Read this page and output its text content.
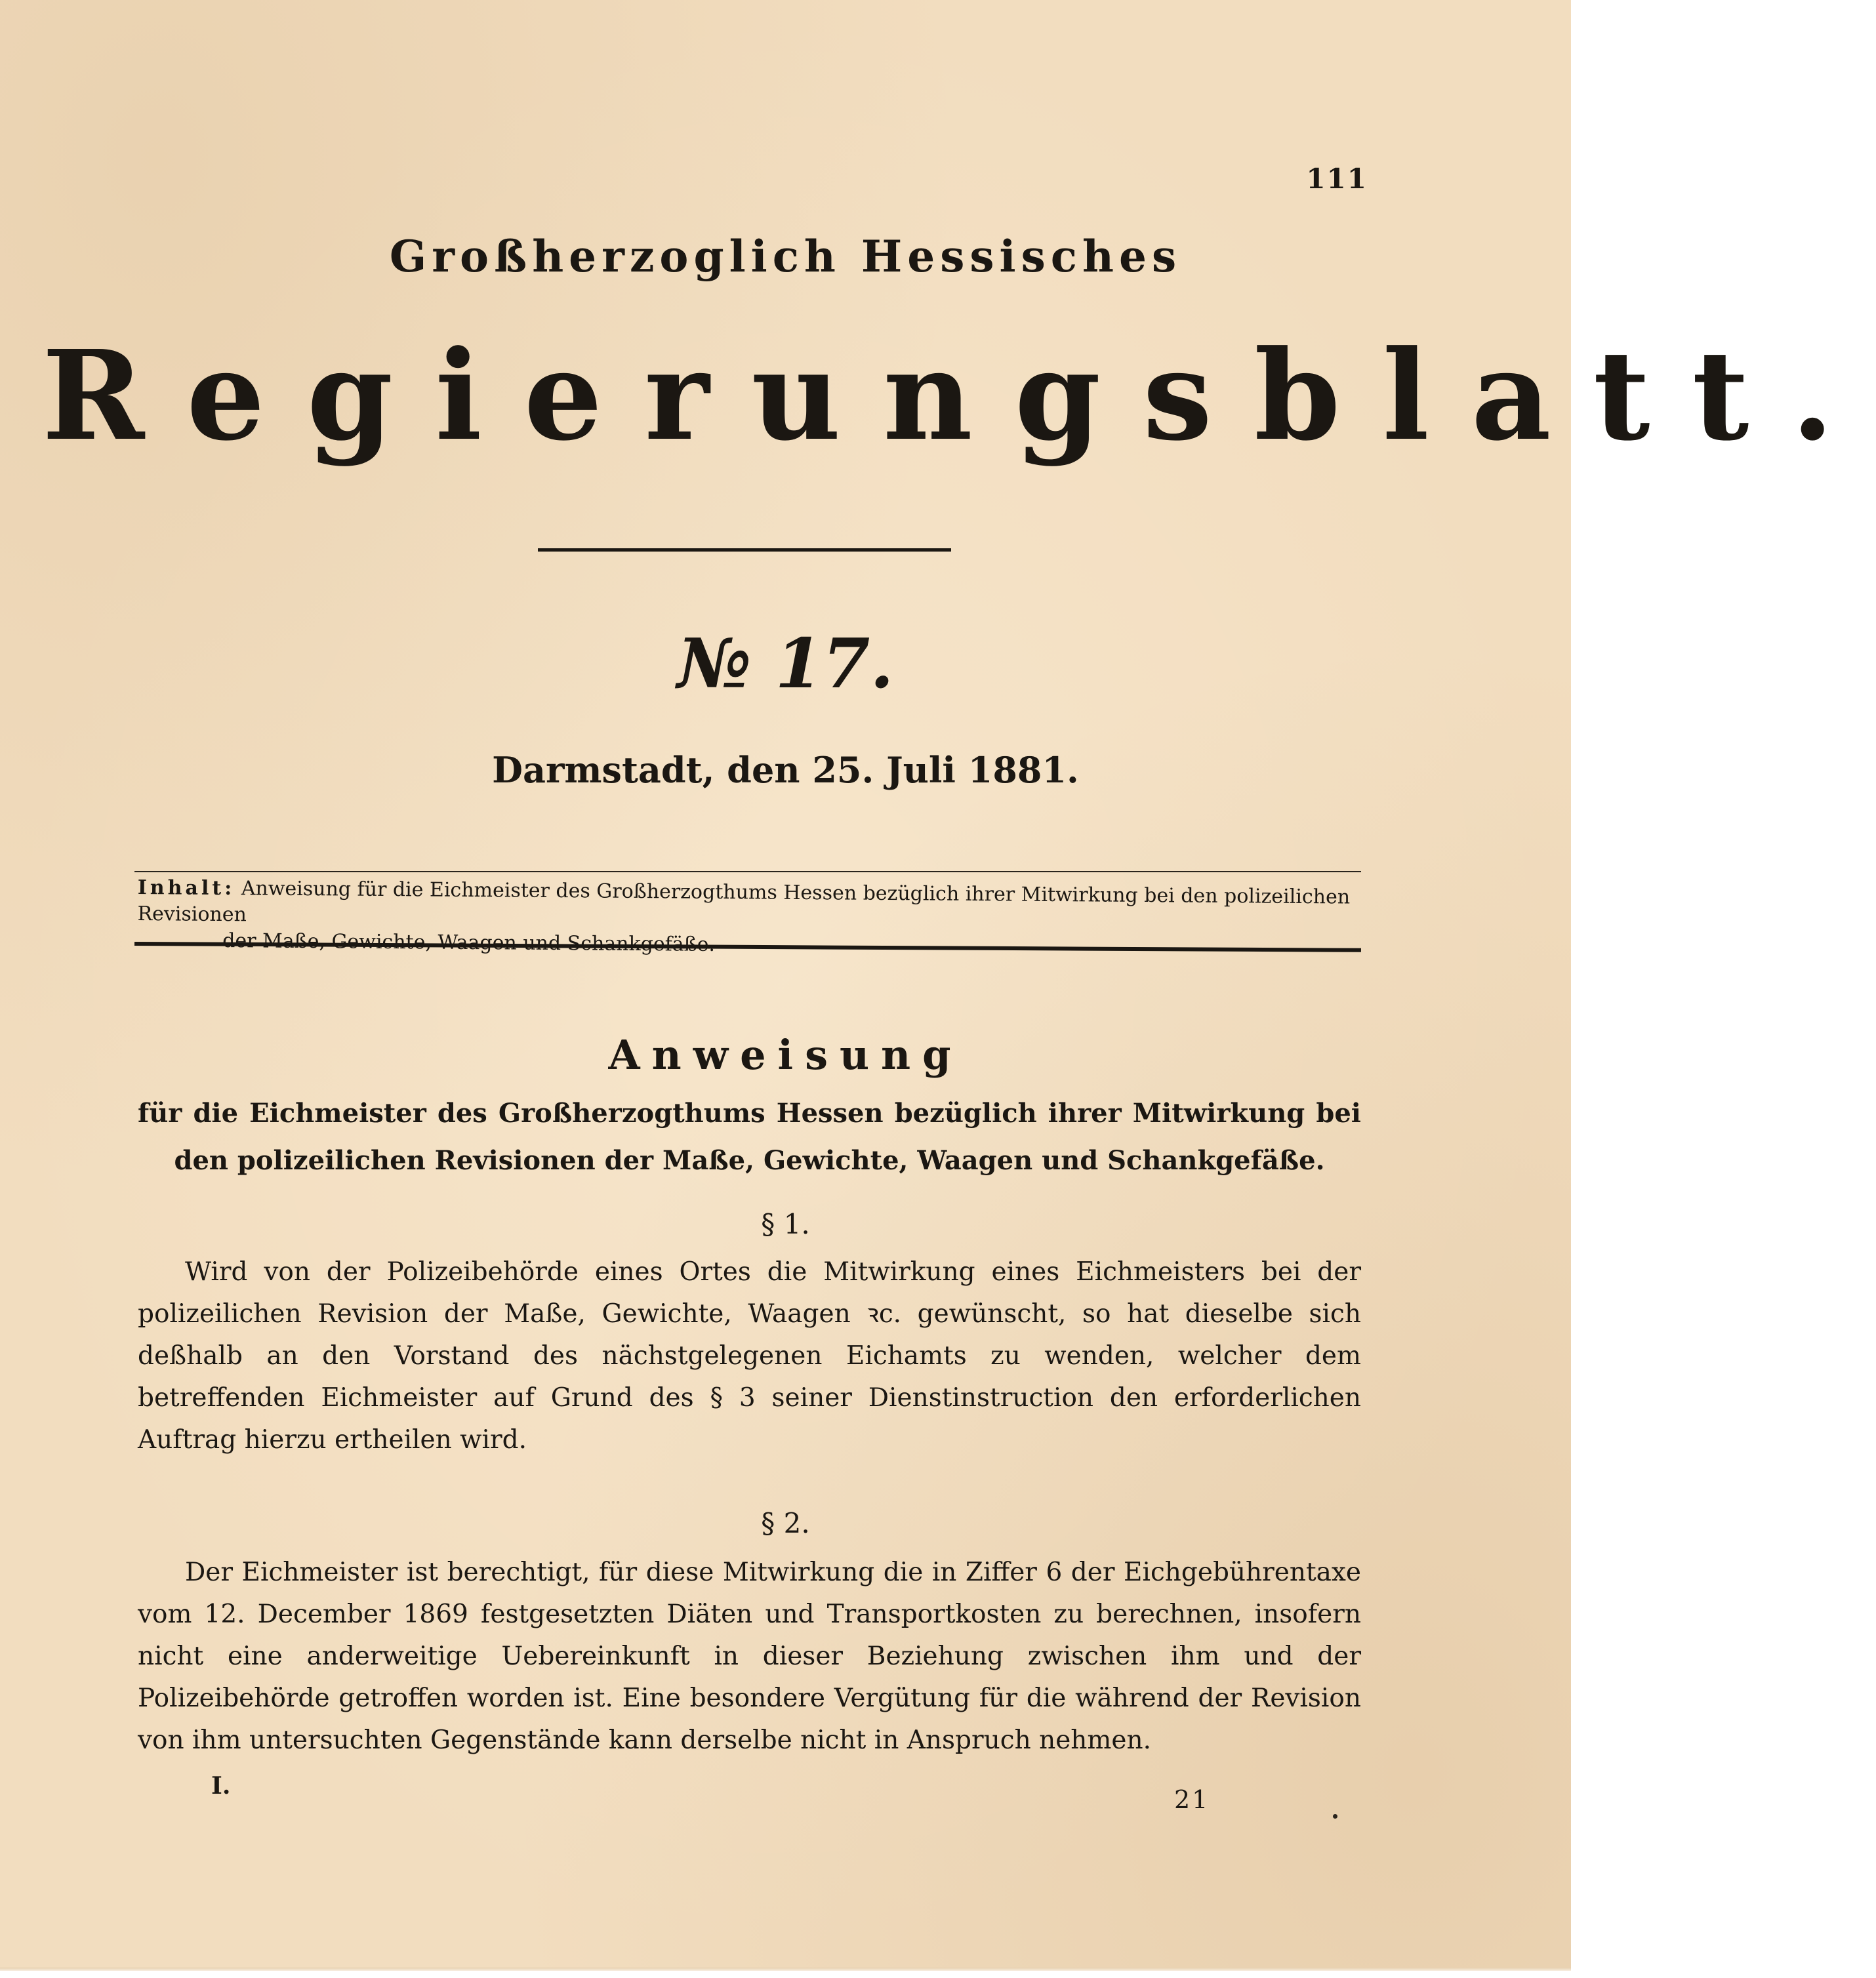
111
Großherzoglich Hessisches
Regierungsblatt.
№ 17.
Darmstadt, den 25. Juli 1881.
Inhalt: Anweisung für die Eichmeister des Großherzogthums Hessen bezüglich ihrer Mitwirkung bei den polizeilichen Revisionen
der Maße, Gewichte, Waagen und Schankgefäße.
Anweisung
für die Eichmeister des Großherzogthums Hessen bezüglich ihrer Mitwirkung bei den polizeilichen Revisionen der Maße, Gewichte, Waagen und Schankgefäße.
§ 1.
Wird von der Polizeibehörde eines Ortes die Mitwirkung eines Eichmeisters bei der polizeilichen Revision der Maße, Gewichte, Waagen ꝛc. gewünscht, so hat dieselbe sich deßhalb an den Vorstand des nächstgelegenen Eichamts zu wenden, welcher dem betreffenden Eichmeister auf Grund des § 3 seiner Dienstinstruction den erforderlichen Auftrag hierzu ertheilen wird.
§ 2.
Der Eichmeister ist berechtigt, für diese Mitwirkung die in Ziffer 6 der Eichgebührentaxe vom 12. December 1869 festgesetzten Diäten und Transportkosten zu berechnen, insofern nicht eine anderweitige Uebereinkunft in dieser Beziehung zwischen ihm und der Polizeibehörde getroffen worden ist. Eine besondere Vergütung für die während der Revision von ihm untersuchten Gegenstände kann derselbe nicht in Anspruch nehmen.
I.	21
